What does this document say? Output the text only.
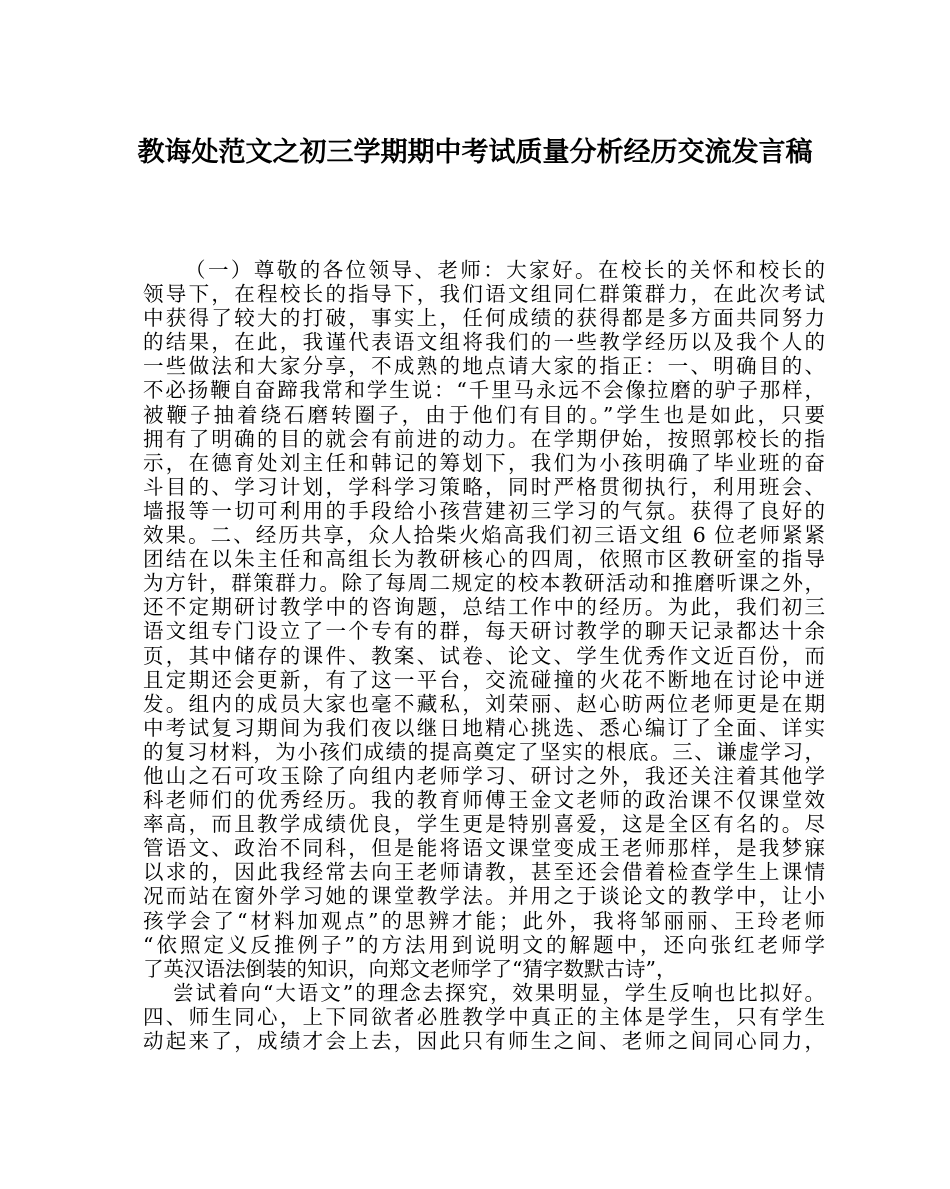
教诲处范文之初三学期期中考试质量分析经历交流发言稿
（一）尊敬的各位领导、老师：大家好。在校长的关怀和校长的
领导下，在程校长的指导下，我们语文组同仁群策群力，在此次考试
中获得了较大的打破，事实上，任何成绩的获得都是多方面共同努力
的结果，在此，我谨代表语文组将我们的一些教学经历以及我个人的
一些做法和大家分享，不成熟的地点请大家的指正：一、明确目的、
不必扬鞭自奋蹄我常和学生说：“千里马永远不会像拉磨的驴子那样，
被鞭子抽着绕石磨转圈子，由于他们有目的。”学生也是如此，只要
拥有了明确的目的就会有前进的动力。在学期伊始，按照郭校长的指
示，在德育处刘主任和韩记的筹划下，我们为小孩明确了毕业班的奋
斗目的、学习计划，学科学习策略，同时严格贯彻执行，利用班会、
墙报等一切可利用的手段给小孩营建初三学习的气氛。获得了良好的
效果。二、经历共享，众人拾柴火焰高我们初三语文组 6 位老师紧紧
团结在以朱主任和高组长为教研核心的四周，依照市区教研室的指导
为方针，群策群力。除了每周二规定的校本教研活动和推磨听课之外，
还不定期研讨教学中的咨询题，总结工作中的经历。为此，我们初三
语文组专门设立了一个专有的群，每天研讨教学的聊天记录都达十余
页，其中储存的课件、教案、试卷、论文、学生优秀作文近百份，而
且定期还会更新，有了这一平台，交流碰撞的火花不断地在讨论中迸
发。组内的成员大家也毫不藏私，刘荣丽、赵心昉两位老师更是在期
中考试复习期间为我们夜以继日地精心挑选、悉心编订了全面、详实
的复习材料，为小孩们成绩的提高奠定了坚实的根底。三、谦虚学习，
他山之石可攻玉除了向组内老师学习、研讨之外，我还关注着其他学
科老师们的优秀经历。我的教育师傅王金文老师的政治课不仅课堂效
率高，而且教学成绩优良，学生更是特别喜爱，这是全区有名的。尽
管语文、政治不同科，但是能将语文课堂变成王老师那样，是我梦寐
以求的，因此我经常去向王老师请教，甚至还会借着检查学生上课情
况而站在窗外学习她的课堂教学法。并用之于谈论文的教学中，让小
孩学会了“材料加观点”的思辨才能；此外，我将邹丽丽、王玲老师
“依照定义反推例子”的方法用到说明文的解题中，还向张红老师学
了英汉语法倒装的知识，向郑文老师学了“猜字数默古诗”，
尝试着向“大语文”的理念去探究，效果明显，学生反响也比拟好。
四、师生同心，上下同欲者必胜教学中真正的主体是学生，只有学生
动起来了，成绩才会上去，因此只有师生之间、老师之间同心同力，
